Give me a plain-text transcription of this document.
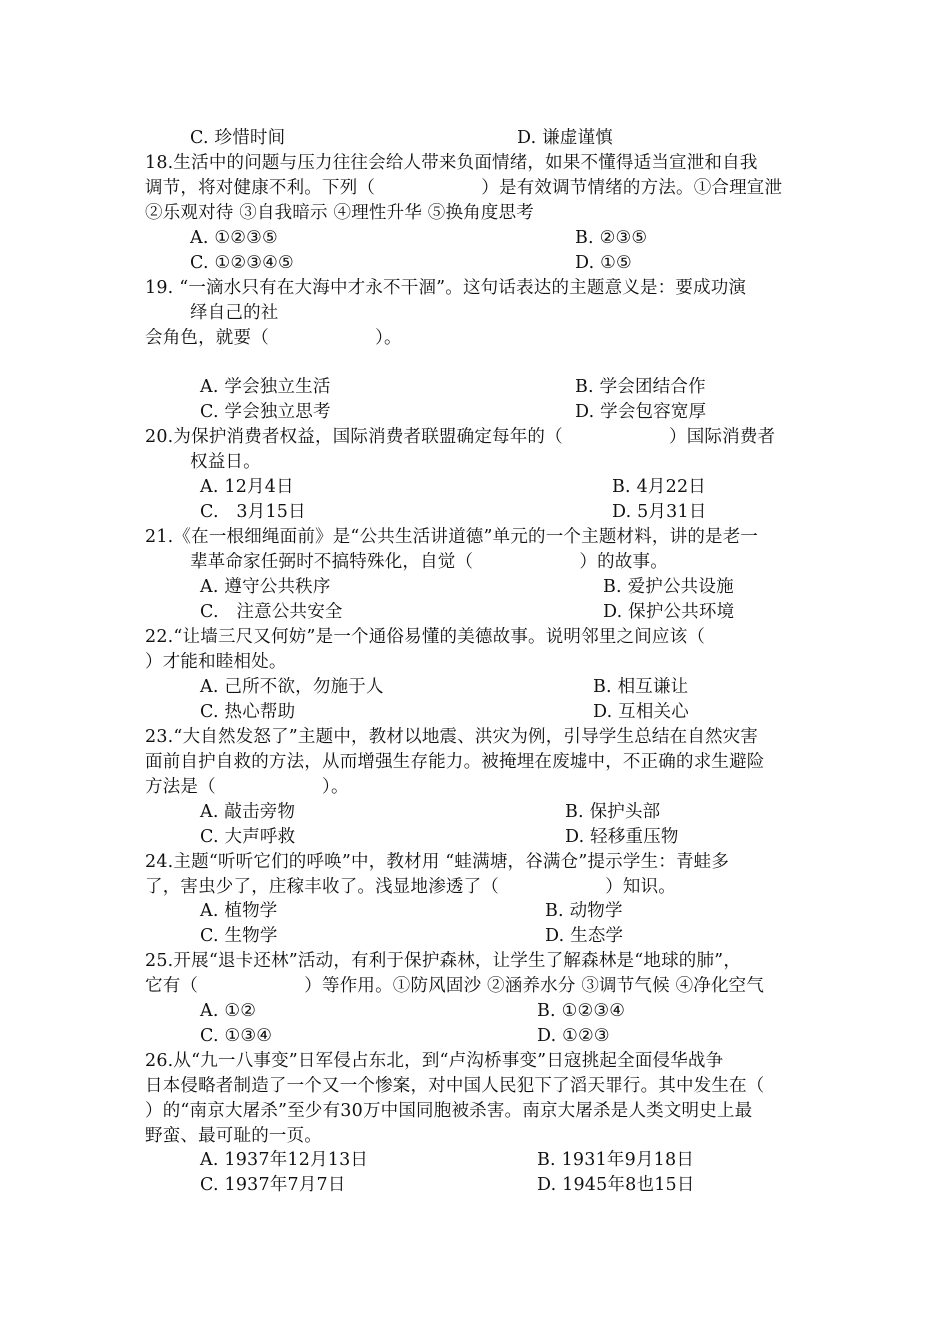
C. 珍惜时间	D. 谦虚谨慎
18.生活中的问题与压力往往会给人带来负面情绪，如果不懂得适当宣泄和自我
调节，将对健康不利。下列（　　　　　　）是有效调节情绪的方法。①合理宣泄
②乐观对待 ③自我暗示 ④理性升华 ⑤换角度思考
A. ①②③⑤	B. ②③⑤
C. ①②③④⑤	D. ①⑤
19. “一滴水只有在大海中才永不干涸”。这句话表达的主题意义是：要成功演
绎自己的社
会角色，就要（　　　　　　）。
A. 学会独立生活	B. 学会团结合作
C. 学会独立思考	D. 学会包容宽厚
20.为保护消费者权益，国际消费者联盟确定每年的（　　　　　　）国际消费者
权益日。
A. 12月4日	B. 4月22日
C.　3月15日	D. 5月31日
21.《在一根细绳面前》是“公共生活讲道德”单元的一个主题材料，讲的是老一
辈革命家任弼时不搞特殊化，自觉（　　　　　　）的故事。
A. 遵守公共秩序	B. 爱护公共设施
C.　注意公共安全	D. 保护公共环境
22.“让墙三尺又何妨”是一个通俗易懂的美德故事。说明邻里之间应该（
）才能和睦相处。
A. 己所不欲，勿施于人	B. 相互谦让
C. 热心帮助	D. 互相关心
23.“大自然发怒了”主题中，教材以地震、洪灾为例，引导学生总结在自然灾害
面前自护自救的方法，从而增强生存能力。被掩埋在废墟中，不正确的求生避险
方法是（　　　　　　）。
A. 敲击旁物	B. 保护头部
C. 大声呼救	D. 轻移重压物
24.主题“听听它们的呼唤”中，教材用 “蛙满塘，谷满仓”提示学生：青蛙多
了，害虫少了，庄稼丰收了。浅显地渗透了（　　　　　　）知识。
A. 植物学	B. 动物学
C. 生物学	D. 生态学
25.开展“退卡还林”活动，有利于保护森林，让学生了解森林是“地球的肺”，
它有（　　　　　　）等作用。①防风固沙 ②涵养水分 ③调节气候 ④净化空气
A. ①②	B. ①②③④
C. ①③④	D. ①②③
26.从“九一八事变”日军侵占东北，到“卢沟桥事变”日寇挑起全面侵华战争
日本侵略者制造了一个又一个惨案，对中国人民犯下了滔天罪行。其中发生在（
）的“南京大屠杀”至少有30万中国同胞被杀害。南京大屠杀是人类文明史上最
野蛮、最可耻的一页。
A. 1937年12月13日	B. 1931年9月18日
C. 1937年7月7日	D. 1945年8也15日
